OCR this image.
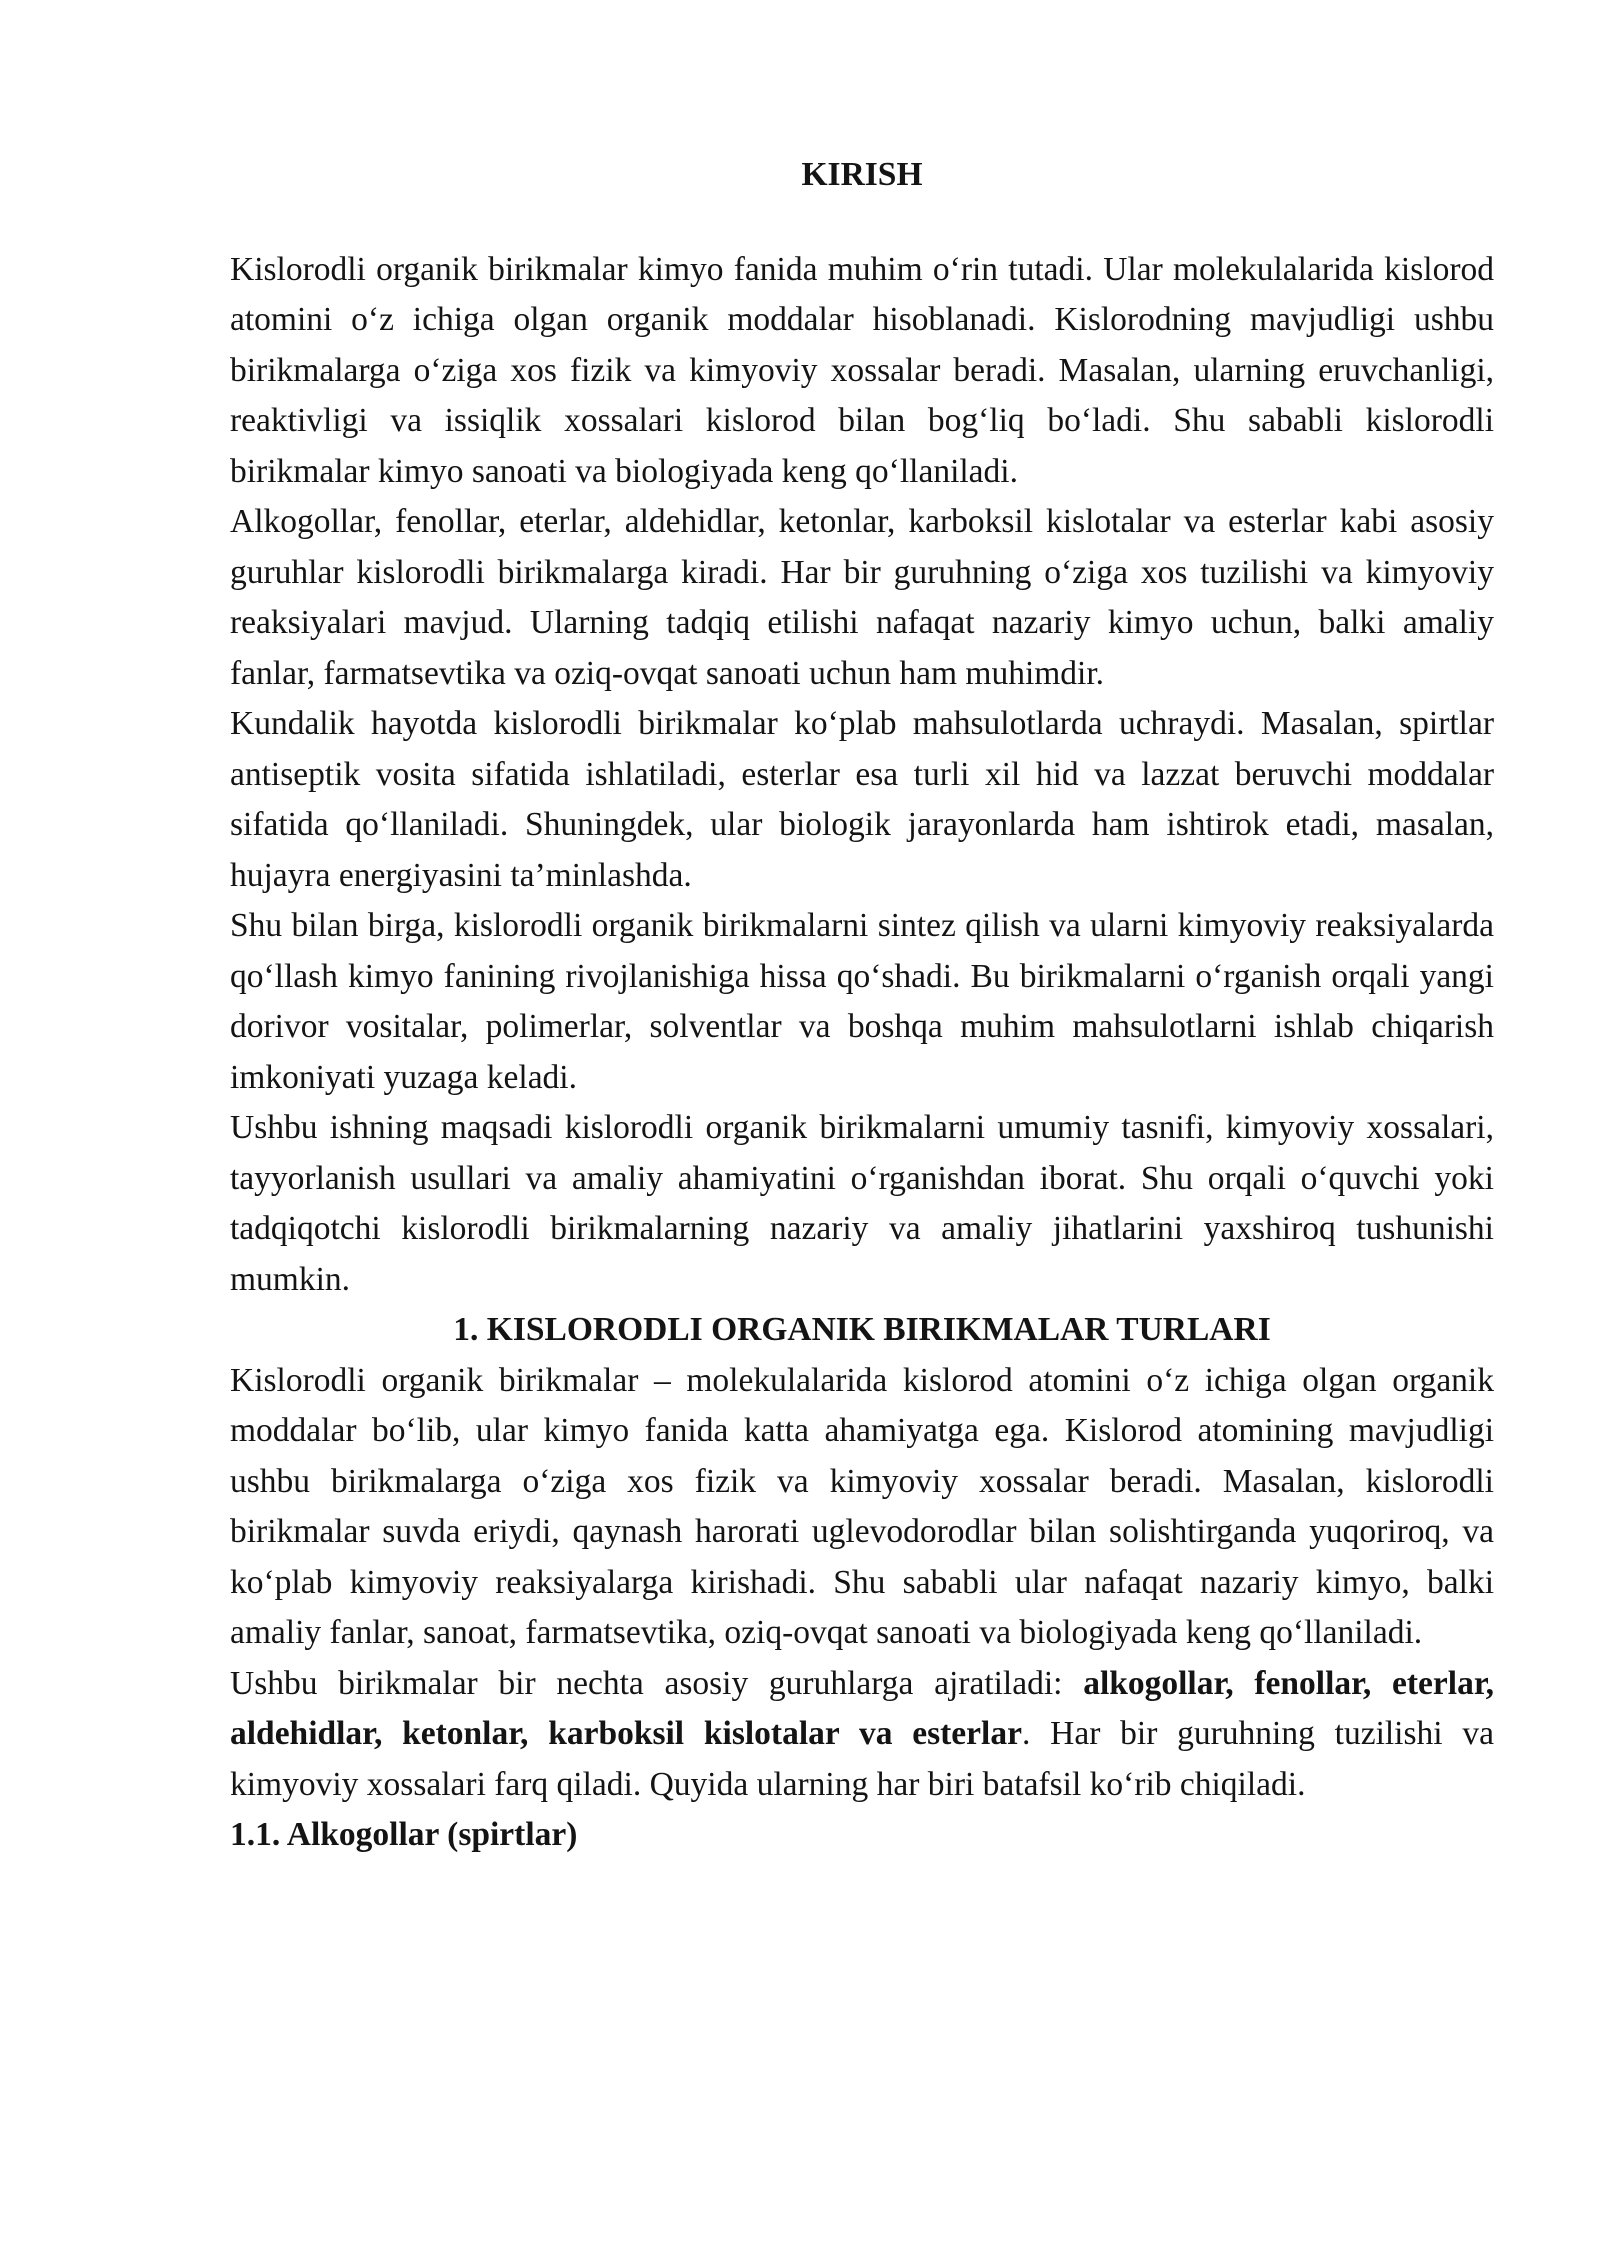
KIRISH

Kislorodli organik birikmalar kimyo fanida muhim o‘rin tutadi. Ular molekulalarida kislorod atomini o‘z ichiga olgan organik moddalar hisoblanadi. Kislorodning mavjudligi ushbu birikmalarga o‘ziga xos fizik va kimyoviy xossalar beradi. Masalan, ularning eruvchanligi, reaktivligi va issiqlik xossalari kislorod bilan bog‘liq bo‘ladi. Shu sababli kislorodli birikmalar kimyo sanoati va biologiyada keng qo‘llaniladi.

Alkogollar, fenollar, eterlar, aldehidlar, ketonlar, karboksil kislotalar va esterlar kabi asosiy guruhlar kislorodli birikmalarga kiradi. Har bir guruhning o‘ziga xos tuzilishi va kimyoviy reaksiyalari mavjud. Ularning tadqiq etilishi nafaqat nazariy kimyo uchun, balki amaliy fanlar, farmatsevtika va oziq-ovqat sanoati uchun ham muhimdir.

Kundalik hayotda kislorodli birikmalar ko‘plab mahsulotlarda uchraydi. Masalan, spirtlar antiseptik vosita sifatida ishlatiladi, esterlar esa turli xil hid va lazzat beruvchi moddalar sifatida qo‘llaniladi. Shuningdek, ular biologik jarayonlarda ham ishtirok etadi, masalan, hujayra energiyasini ta’minlashda.

Shu bilan birga, kislorodli organik birikmalarni sintez qilish va ularni kimyoviy reaksiyalarda qo‘llash kimyo fanining rivojlanishiga hissa qo‘shadi. Bu birikmalarni o‘rganish orqali yangi dorivor vositalar, polimerlar, solventlar va boshqa muhim mahsulotlarni ishlab chiqarish imkoniyati yuzaga keladi.

Ushbu ishning maqsadi kislorodli organik birikmalarni umumiy tasnifi, kimyoviy xossalari, tayyorlanish usullari va amaliy ahamiyatini o‘rganishdan iborat. Shu orqali o‘quvchi yoki tadqiqotchi kislorodli birikmalarning nazariy va amaliy jihatlarini yaxshiroq tushunishi mumkin.

1. KISLORODLI ORGANIK BIRIKMALAR TURLARI

Kislorodli organik birikmalar – molekulalarida kislorod atomini o‘z ichiga olgan organik moddalar bo‘lib, ular kimyo fanida katta ahamiyatga ega. Kislorod atomining mavjudligi ushbu birikmalarga o‘ziga xos fizik va kimyoviy xossalar beradi. Masalan, kislorodli birikmalar suvda eriydi, qaynash harorati uglevodorodlar bilan solishtirganda yuqoriroq, va ko‘plab kimyoviy reaksiyalarga kirishadi. Shu sababli ular nafaqat nazariy kimyo, balki amaliy fanlar, sanoat, farmatsevtika, oziq-ovqat sanoati va biologiyada keng qo‘llaniladi.

Ushbu birikmalar bir nechta asosiy guruhlarga ajratiladi: alkogollar, fenollar, eterlar, aldehidlar, ketonlar, karboksil kislotalar va esterlar. Har bir guruhning tuzilishi va kimyoviy xossalari farq qiladi. Quyida ularning har biri batafsil ko‘rib chiqiladi.

1.1. Alkogollar (spirtlar)
